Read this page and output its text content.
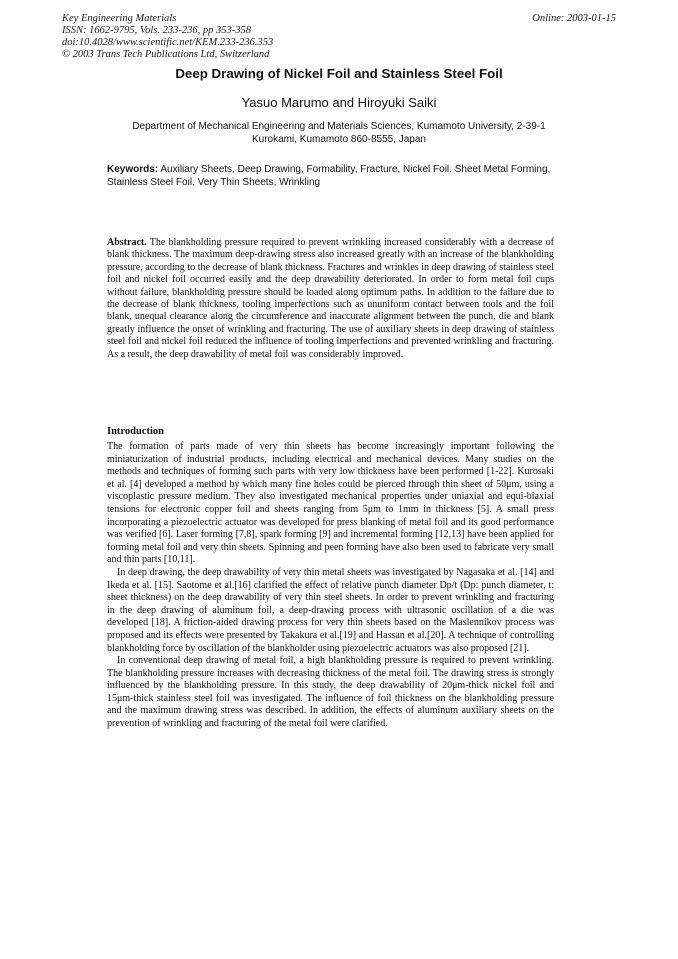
Key Engineering Materials
ISSN: 1662-9795, Vols. 233-236, pp 353-358
doi:10.4028/www.scientific.net/KEM.233-236.353
© 2003 Trans Tech Publications Ltd, Switzerland
Online: 2003-01-15
Deep Drawing of Nickel Foil and Stainless Steel Foil
Yasuo Marumo and Hiroyuki Saiki
Department of Mechanical Engineering and Materials Sciences, Kumamoto University, 2-39-1 Kurokami, Kumamoto 860-8555, Japan
Keywords: Auxiliary Sheets, Deep Drawing, Formability, Fracture, Nickel Foil, Sheet Metal Forming, Stainless Steel Foil, Very Thin Sheets, Wrinkling
Abstract. The blankholding pressure required to prevent wrinkling increased considerably with a decrease of blank thickness. The maximum deep-drawing stress also increased greatly with an increase of the blankholding pressure, according to the decrease of blank thickness. Fractures and wrinkles in deep drawing of stainless steel foil and nickel foil occurred easily and the deep drawability deteriorated. In order to form metal foil cups without failure, blankholding pressure should be loaded along optimum paths. In addition to the failure due to the decrease of blank thickness, tooling imperfections such as ununiform contact between tools and the foil blank, unequal clearance along the circumference and inaccurate alignment between the punch, die and blank greatly influence the onset of wrinkling and fracturing. The use of auxiliary sheets in deep drawing of stainless steel foil and nickel foil reduced the influence of tooling imperfections and prevented wrinkling and fracturing. As a result, the deep drawability of metal foil was considerably improved.
Introduction

The formation of parts made of very thin sheets has become increasingly important following the miniaturization of industrial products, including electrical and mechanical devices. Many studies on the methods and techniques of forming such parts with very low thickness have been performed [1-22]. Kurosaki et al. [4] developed a method by which many fine holes could be pierced through thin sheet of 50μm, using a viscoplastic pressure medium. They also investigated mechanical properties under uniaxial and equi-biaxial tensions for electronic copper foil and sheets ranging from 5μm to 1mm in thickness [5]. A small press incorporating a piezoelectric actuator was developed for press blanking of metal foil and its good performance was verified [6]. Laser forming [7,8], spark forming [9] and incremental forming [12,13] have been applied for forming metal foil and very thin sheets. Spinning and peen forming have also been used to fabricate very small and thin parts [10,11].

In deep drawing, the deep drawability of very thin metal sheets was investigated by Nagasaka et al. [14] and Ikeda et al. [15]. Saotome et al.[16] clarified the effect of relative punch diameter Dp/t (Dp: punch diameter, t: sheet thickness) on the deep drawability of very thin steel sheets. In order to prevent wrinkling and fracturing in the deep drawing of aluminum foil, a deep-drawing process with ultrasonic oscillation of a die was developed [18]. A friction-aided drawing process for very thin sheets based on the Maslennikov process was proposed and its effects were presented by Takakura et al.[19] and Hassan et al.[20]. A technique of controlling blankholding force by oscillation of the blankholder using piezoelectric actuators was also proposed [21].

In conventional deep drawing of metal foil, a high blankholding pressure is required to prevent wrinkling. The blankholding pressure increases with decreasing thickness of the metal foil. The drawing stress is strongly influenced by the blankholding pressure. In this study, the deep drawability of 20μm-thick nickel foil and 15μm-thick stainless steel foil was investigated. The influence of foil thickness on the blankholding pressure and the maximum drawing stress was described. In addition, the effects of aluminum auxiliary sheets on the prevention of wrinkling and fracturing of the metal foil were clarified.
